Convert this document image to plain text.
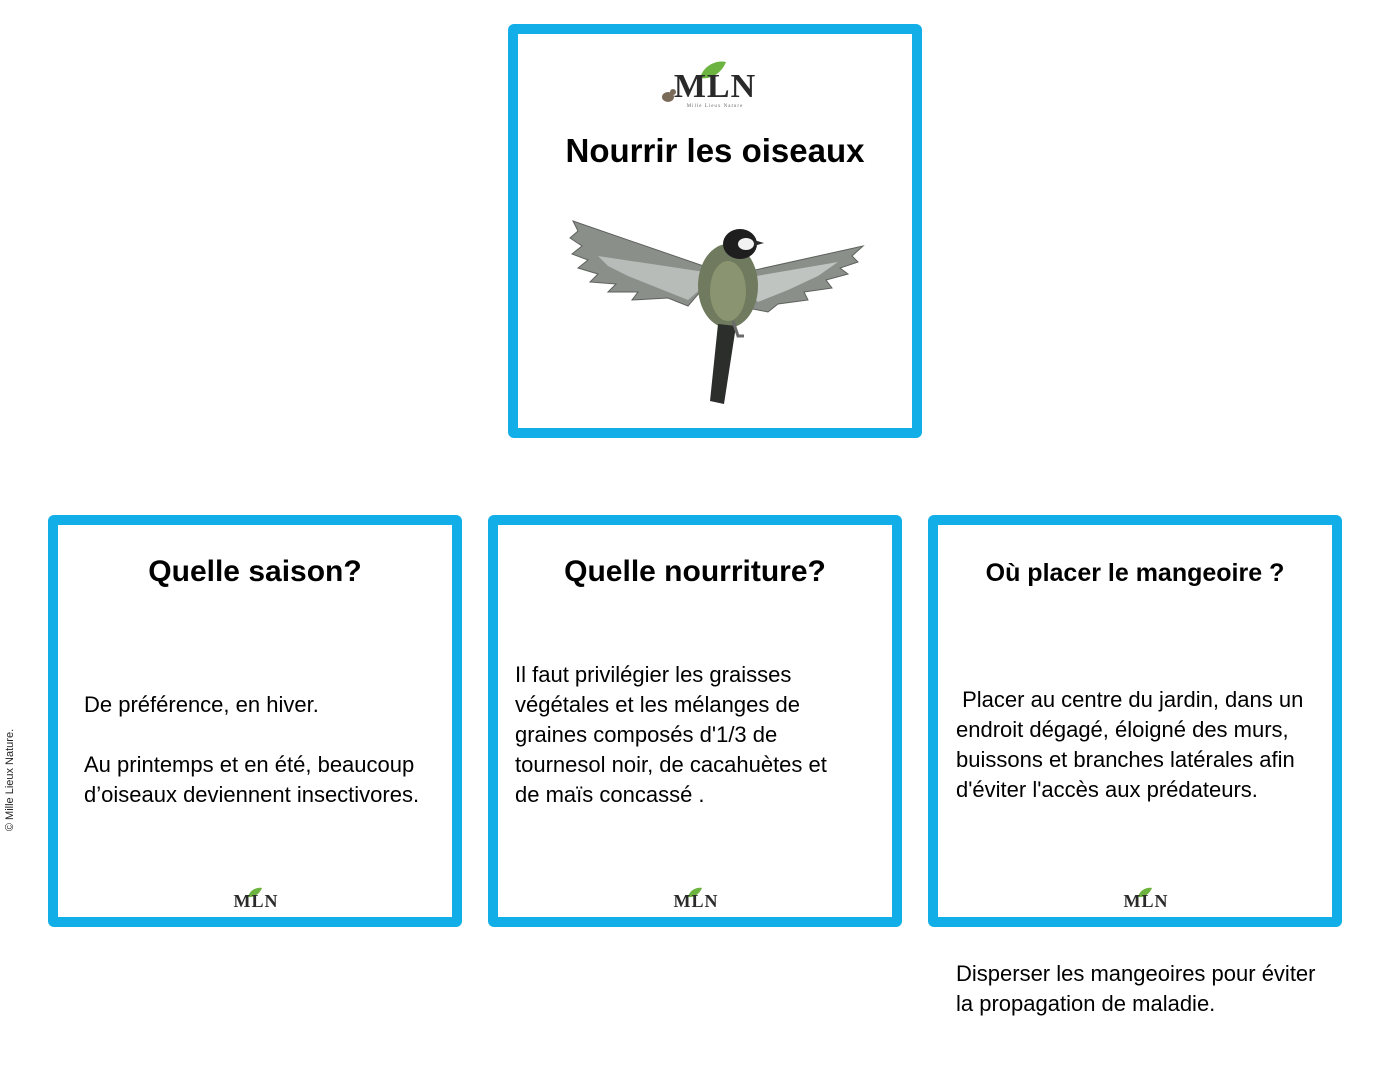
© Mille Lieux Nature.
MLN
Mille Lieux Nature
Nourrir les oiseaux
Quelle saison?

De préférence, en hiver.

Au printemps et en été, beaucoup d’oiseaux deviennent insectivores.

MLN
Quelle nourriture?

Il faut privilégier les graisses végétales et les mélanges de graines composés d'1/3 de tournesol noir, de cacahuètes et de maïs concassé .

MLN
Où placer le mangeoire ?

Placer au centre du jardin, dans un endroit dégagé, éloigné des murs, buissons et branches latérales afin d'éviter l'accès aux prédateurs.

Disperser les mangeoires pour éviter la propagation de maladie.

MLN
